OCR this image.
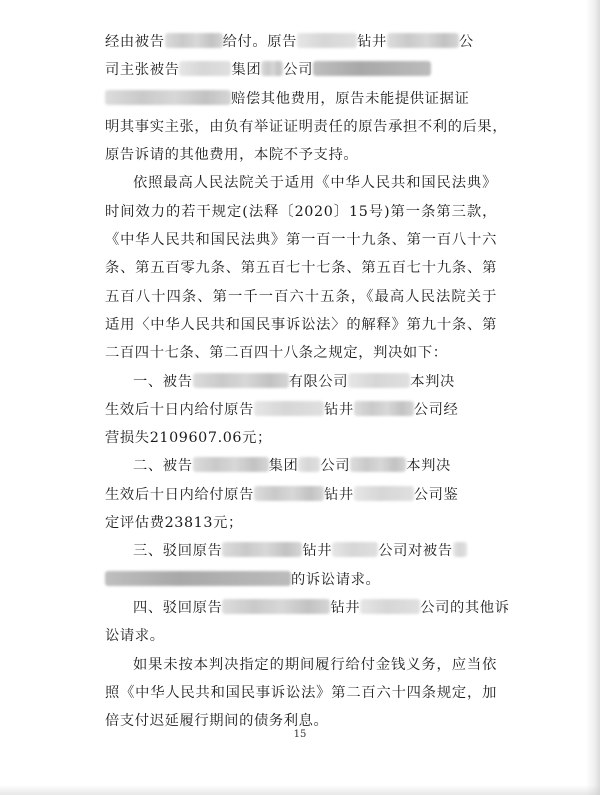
经由被告	给付。原告	钻井	公
司主张被告	集团 公司
赔偿其他费用，原告未能提供证据证
明其事实主张，由负有举证证明责任的原告承担不利的后果，
原告诉请的其他费用，本院不予支持。

依照最高人民法院关于适用《中华人民共和国民法典》时间效力的若干规定(法释〔2020〕15号)第一条第三款，《中华人民共和国民法典》第一百一十九条、第一百八十六条、第五百零九条、第五百七十七条、第五百七十九条、第五百八十四条、第一千一百六十五条，《最高人民法院关于适用〈中华人民共和国民事诉讼法〉的解释》第九十条、第二百四十七条、第二百四十八条之规定，判决如下：

一、被告	有限公司	本判决
生效后十日内给付原告	钻井	公司经
营损失2109607.06元；
二、被告	集团 公司	本判决
生效后十日内给付原告	钻井	公司鉴
定评估费23813元；
三、驳回原告	钻井	公司对被告
的诉讼请求。
四、驳回原告	钻井	公司的其他诉
讼请求。

如果未按本判决指定的期间履行给付金钱义务，应当依照《中华人民共和国民事诉讼法》第二百六十四条规定，加倍支付迟延履行期间的债务利息。

15
